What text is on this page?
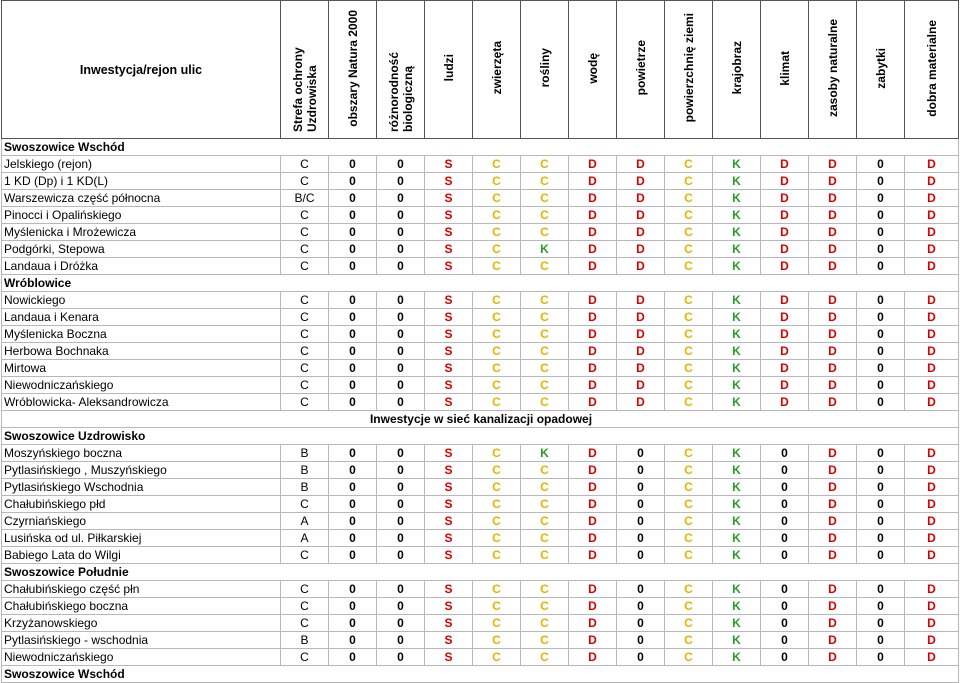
Inwestycja/rejon ulic	Strefa ochrony Uzdrowiska	obszary Natura 2000	różnorodność biologiczną	ludzi	zwierzęta	rośliny	wodę	powietrze	powierzchnię ziemi	krajobraz	klimat	zasoby naturalne	zabytki	dobra materialne
Swoszowice Wschód														
Jelskiego (rejon)	C	0	0	S	C	C	D	D	C	K	D	D	0	D
1 KD (Dp) i 1 KD(L)	C	0	0	S	C	C	D	D	C	K	D	D	0	D
Warszewicza część północna	B/C	0	0	S	C	C	D	D	C	K	D	D	0	D
Pinocci i Opalińskiego	C	0	0	S	C	C	D	D	C	K	D	D	0	D
Myślenicka i Mrożewicza	C	0	0	S	C	C	D	D	C	K	D	D	0	D
Podgórki, Stepowa	C	0	0	S	C	K	D	D	C	K	D	D	0	D
Landaua i Dróżka	C	0	0	S	C	C	D	D	C	K	D	D	0	D
Wróblowice														
Nowickiego	C	0	0	S	C	C	D	D	C	K	D	D	0	D
Landaua i Kenara	C	0	0	S	C	C	D	D	C	K	D	D	0	D
Myślenicka Boczna	C	0	0	S	C	C	D	D	C	K	D	D	0	D
Herbowa Bochnaka	C	0	0	S	C	C	D	D	C	K	D	D	0	D
Mirtowa	C	0	0	S	C	C	D	D	C	K	D	D	0	D
Niewodniczańskiego	C	0	0	S	C	C	D	D	C	K	D	D	0	D
Wróblowicka- Aleksandrowicza	C	0	0	S	C	C	D	D	C	K	D	D	0	D
Inwestycje w sieć kanalizacji opadowej														
Swoszowice Uzdrowisko														
Moszyńskiego boczna	B	0	0	S	C	K	D	0	C	K	0	D	0	D
Pytlasińskiego , Muszyńskiego	B	0	0	S	C	C	D	0	C	K	0	D	0	D
Pytlasińskiego Wschodnia	B	0	0	S	C	C	D	0	C	K	0	D	0	D
Chałubińskiego płd	C	0	0	S	C	C	D	0	C	K	0	D	0	D
Czyrniańskiego	A	0	0	S	C	C	D	0	C	K	0	D	0	D
Lusińska od ul. Piłkarskiej	A	0	0	S	C	C	D	0	C	K	0	D	0	D
Babiego Lata do Wilgi	C	0	0	S	C	C	D	0	C	K	0	D	0	D
Swoszowice Południe														
Chałubińskiego część płn	C	0	0	S	C	C	D	0	C	K	0	D	0	D
Chałubińskiego boczna	C	0	0	S	C	C	D	0	C	K	0	D	0	D
Krzyżanowskiego	C	0	0	S	C	C	D	0	C	K	0	D	0	D
Pytlasińskiego - wschodnia	B	0	0	S	C	C	D	0	C	K	0	D	0	D
Niewodniczańskiego	C	0	0	S	C	C	D	0	C	K	0	D	0	D
Swoszowice Wschód														
